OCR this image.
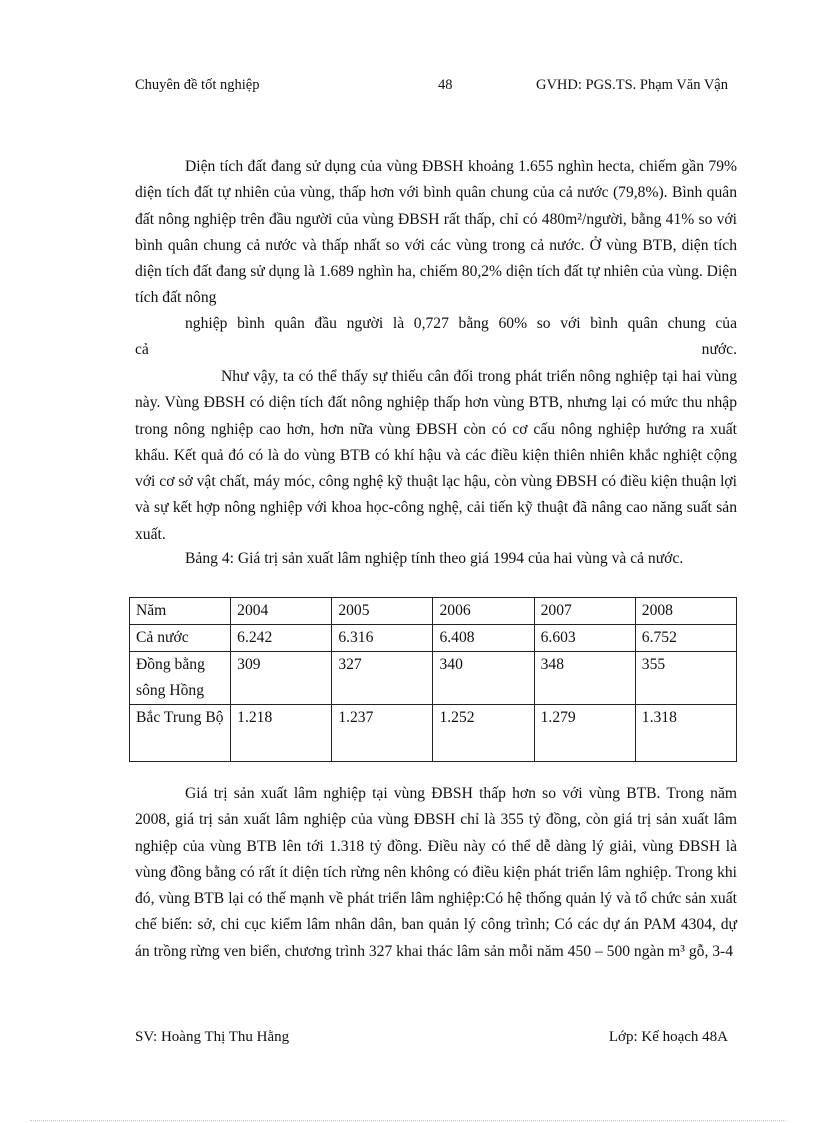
Chuyên đề tốt nghiệp	48	GVHD: PGS.TS. Phạm Văn Vận

Diện tích đất đang sử dụng của vùng ĐBSH khoảng 1.655 nghìn hecta, chiếm gần 79% diện tích đất tự nhiên của vùng, thấp hơn với bình quân chung của cả nước (79,8%). Bình quân đất nông nghiệp trên đầu người của vùng ĐBSH rất thấp, chỉ có 480m²/người, bằng 41% so với bình quân chung cả nước và thấp nhất so với các vùng trong cả nước. Ở vùng BTB, diện tích diện tích đất đang sử dụng là 1.689 nghìn ha, chiếm 80,2% diện tích đất tự nhiên của vùng. Diện tích đất nông

nghiệp bình quân đầu người là 0,727 bằng 60% so với bình quân chung của
cả	nước.

Như vậy, ta có thể thấy sự thiếu cân đối trong phát triển nông nghiệp tại hai vùng này. Vùng ĐBSH có diện tích đất nông nghiệp thấp hơn vùng BTB, nhưng lại có mức thu nhập trong nông nghiệp cao hơn, hơn nữa vùng ĐBSH còn có cơ cấu nông nghiệp hướng ra xuất khẩu. Kết quả đó có là do vùng BTB có khí hậu và các điều kiện thiên nhiên khắc nghiệt cộng với cơ sở vật chất, máy móc, công nghệ kỹ thuật lạc hậu, còn vùng ĐBSH có điều kiện thuận lợi và sự kết hợp nông nghiệp với khoa học-công nghệ, cải tiến kỹ thuật đã nâng cao năng suất sản xuất.

Bảng 4: Giá trị sản xuất lâm nghiệp tính theo giá 1994 của hai vùng và cả nước.

Năm	2004	2005	2006	2007	2008
Cả nước	6.242	6.316	6.408	6.603	6.752
Đồng bằng sông Hồng	309	327	340	348	355
Bắc Trung Bộ	1.218	1.237	1.252	1.279	1.318

Giá trị sản xuất lâm nghiệp tại vùng ĐBSH thấp hơn so với vùng BTB. Trong năm 2008, giá trị sản xuất lâm nghiệp của vùng ĐBSH chỉ là 355 tỷ đồng, còn giá trị sản xuất lâm nghiệp của vùng BTB lên tới 1.318 tỷ đồng. Điều này có thể dễ dàng lý giải, vùng ĐBSH là vùng đồng bằng có rất ít diện tích rừng nên không có điều kiện phát triển lâm nghiệp. Trong khi đó, vùng BTB lại có thế mạnh về phát triển lâm nghiệp:Có hệ thống quản lý và tổ chức sản xuất chế biến: sở, chi cục kiểm lâm nhân dân, ban quản lý công trình; Có các dự án PAM 4304, dự án trồng rừng ven biển, chương trình 327 khai thác lâm sản mỗi năm 450 – 500 ngàn m³ gỗ, 3-4

SV: Hoàng Thị Thu Hằng	Lớp: Kế hoạch 48A
